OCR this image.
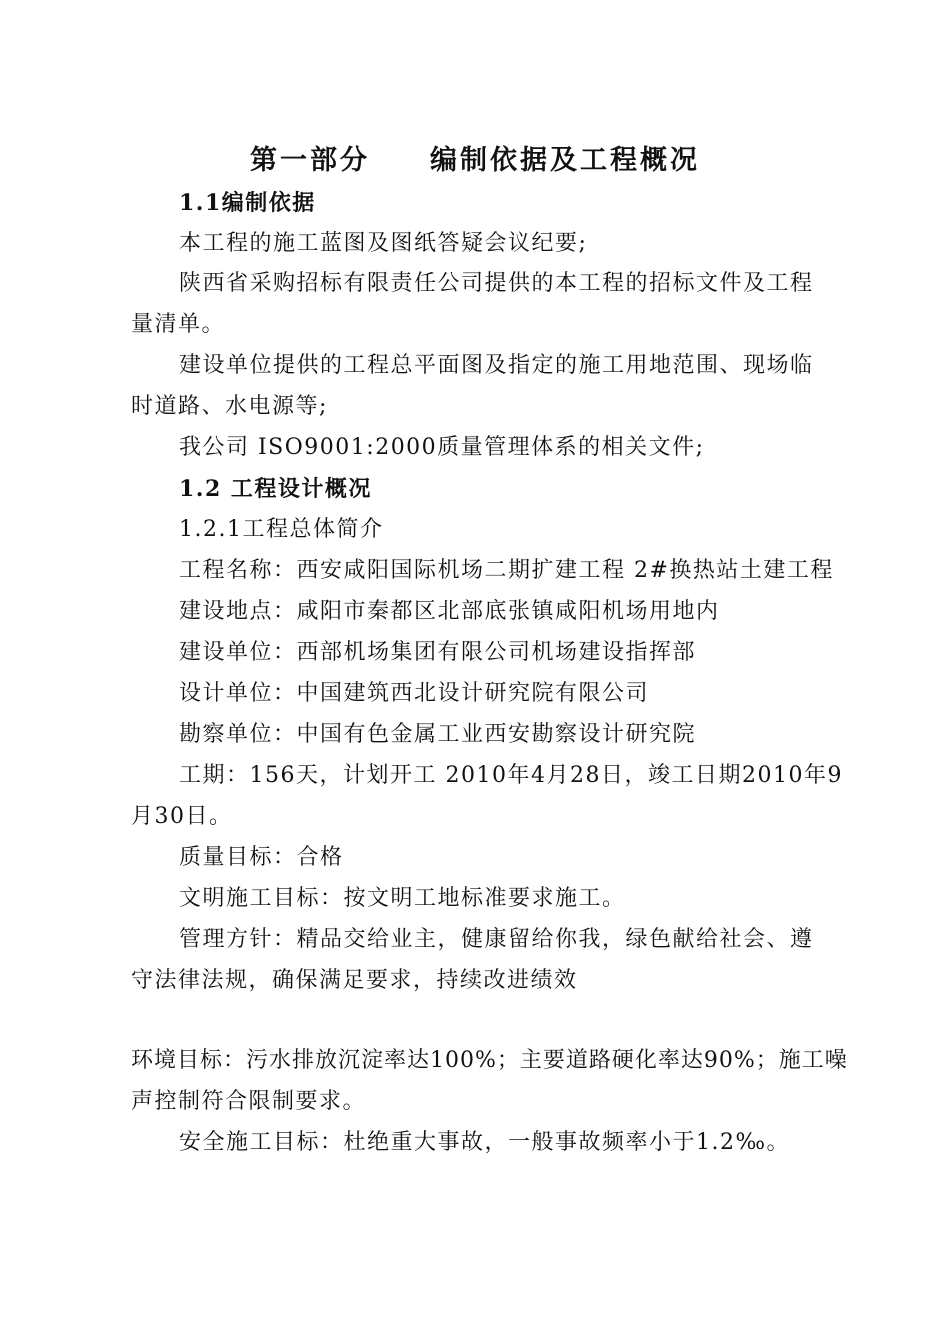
第一部分　　编制依据及工程概况
1.1编制依据
本工程的施工蓝图及图纸答疑会议纪要;
陕西省采购招标有限责任公司提供的本工程的招标文件及工程
量清单。
建设单位提供的工程总平面图及指定的施工用地范围、现场临
时道路、水电源等;
我公司 ISO9001:2000质量管理体系的相关文件;
1.2 工程设计概况
1.2.1工程总体简介
工程名称：西安咸阳国际机场二期扩建工程 2#换热站土建工程
建设地点：咸阳市秦都区北部底张镇咸阳机场用地内
建设单位：西部机场集团有限公司机场建设指挥部
设计单位：中国建筑西北设计研究院有限公司
勘察单位：中国有色金属工业西安勘察设计研究院
工期：156天，计划开工 2010年4月28日，竣工日期2010年9
月30日。
质量目标：合格
文明施工目标：按文明工地标准要求施工。
管理方针：精品交给业主，健康留给你我，绿色献给社会、遵
守法律法规，确保满足要求，持续改进绩效
环境目标：污水排放沉淀率达100%；主要道路硬化率达90%；施工噪
声控制符合限制要求。
安全施工目标：杜绝重大事故，一般事故频率小于1.2‰。
